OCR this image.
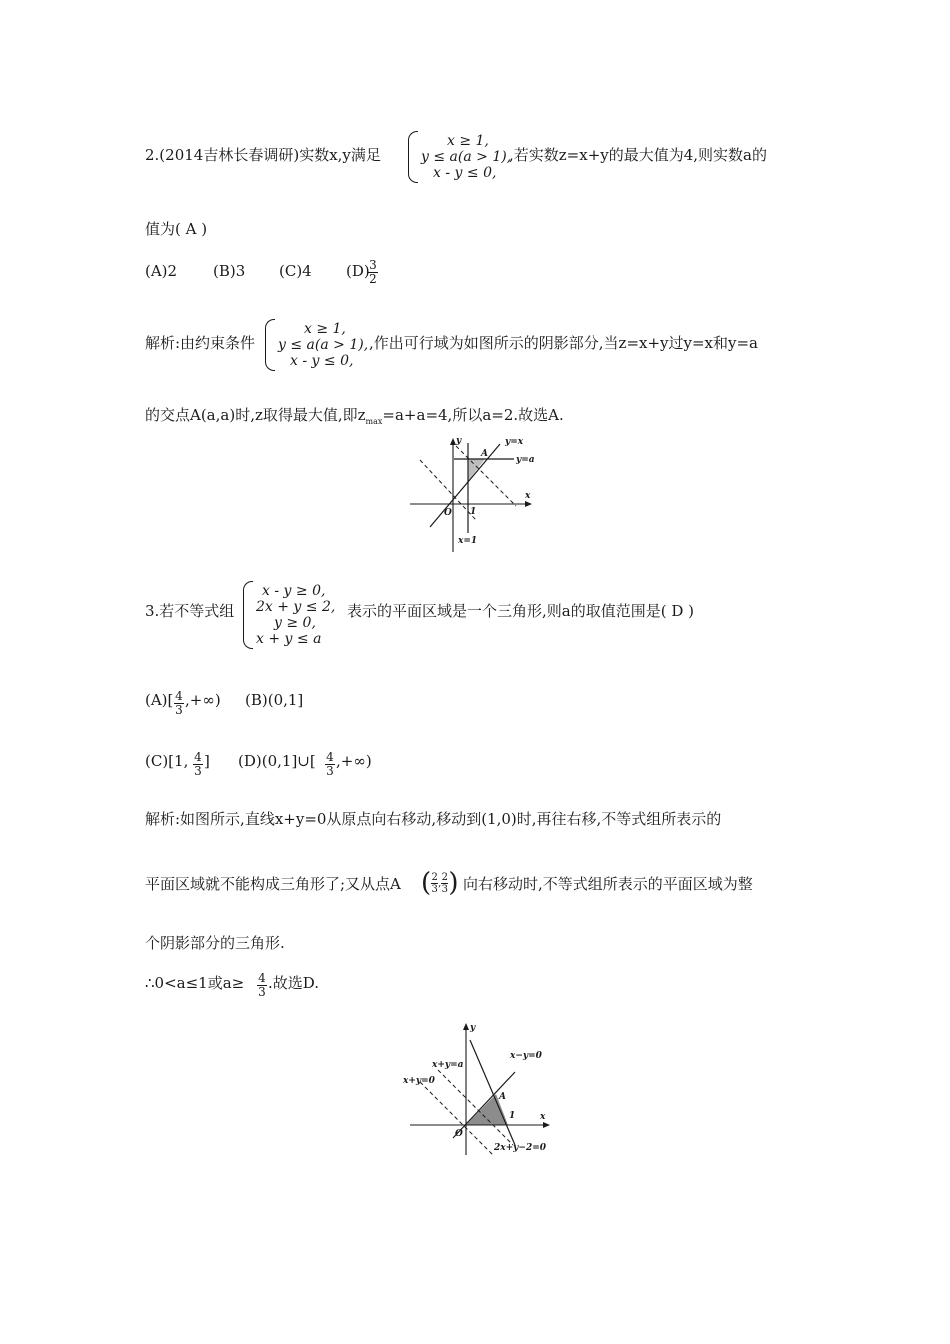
2.(2014吉林长春调研)实数x,y满足
x ≥ 1,
y ≤ a(a > 1),
x - y ≤ 0,
,若实数z=x+y的最大值为4,则实数a的
值为( A )
(A)2 (B)3 (C)4 (D)
$\frac{3}{2}$
解析:由约束条件
x ≥ 1,
y ≤ a(a > 1),
x - y ≤ 0,
,作出可行域为如图所示的阴影部分,当z=x+y过y=x和y=a
的交点A(a,a)时,z取得最大值,即$z_{max}=a+a=4$,所以a=2.故选A.
y
x
O
A
y=x
y=a
1
x=1
3.若不等式组
x - y ≥ 0,
2x + y ≤ 2,
y ≥ 0,
x + y ≤ a
表示的平面区域是一个三角形,则a的取值范围是( D )
$(A)[ \frac{4}{3}$ ,+∞) (B)(0,1]
(C)[1, $\frac{4}{3}$ ] (D)(0,1]∪[ $\frac{4}{3}$ ,+∞)
解析:如图所示,直线x+y=0从原点向右移动,移动到(1,0)时,再往右移,不等式组所表示的
平面区域就不能构成三角形了;又从点A ( $\frac{2}{3}$ , $\frac{2}{3}$ ) 向右移动时,不等式组所表示的平面区域为整
个阴影部分的三角形.
∴0<a≤1或$a\ge \frac{4}{3}$ .故选D.
y
x
O
A
1
x+y=0
x+y=a
x−y=0
2x+y−2=0
